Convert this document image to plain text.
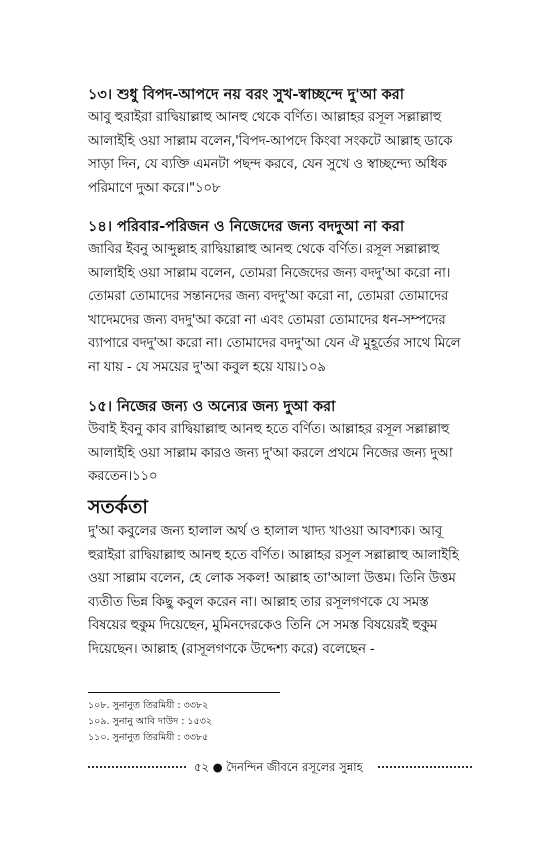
১৩। শুধু বিপদ-আপদে নয় বরং সুখ-স্বাচ্ছন্দে দু'আ করা
আবু হুরাইরা রাদ্বিয়াল্লাহু আনহু থেকে বর্ণিত। আল্লাহর রসূল সল্লাল্লাহু
আলাইহি ওয়া সাল্লাম বলেন,'বিপদ-আপদে কিংবা সংকটে আল্লাহ ডাকে
সাড়া দিন, যে ব্যক্তি এমনটা পছন্দ করবে, যেন সুখে ও স্বাচ্ছন্দ্যে অধিক
পরিমাণে দুআ করে।"১০৮
১৪। পরিবার-পরিজন ও নিজেদের জন্য বদদুআ না করা
জাবির ইবনু আব্দুল্লাহ রাদ্বিয়াল্লাহু আনহু থেকে বর্ণিত। রসূল সল্লাল্লাহু
আলাইহি ওয়া সাল্লাম বলেন, তোমরা নিজেদের জন্য বদদু'আ করো না।
তোমরা তোমাদের সন্তানদের জন্য বদদু'আ করো না, তোমরা তোমাদের
খাদেমদের জন্য বদদু'আ করো না এবং তোমরা তোমাদের ধন-সম্পদের
ব্যাপারে বদদু'আ করো না। তোমাদের বদদু'আ যেন ঐ মুহূর্তের সাথে মিলে
না যায় - যে সময়ের দু'আ কবুল হয়ে যায়।১০৯
১৫। নিজের জন্য ও অন্যের জন্য দুআ করা
উবাই ইবনু কাব রাদ্বিয়াল্লাহু আনহু হতে বর্ণিত। আল্লাহর রসূল সল্লাল্লাহু
আলাইহি ওয়া সাল্লাম কারও জন্য দু'আ করলে প্রথমে নিজের জন্য দুআ
করতেন।১১০
সতর্কতা
দু'আ কবুলের জন্য হালাল অর্থ ও হালাল খাদ্য খাওয়া আবশ্যক। আবূ
হুরাইরা রাদ্বিয়াল্লাহু আনহু হতে বর্ণিত। আল্লাহর রসূল সল্লাল্লাহু আলাইহি
ওয়া সাল্লাম বলেন, হে লোক সকল! আল্লাহ তা'আলা উত্তম। তিনি উত্তম
ব্যতীত ভিন্ন কিছু কবুল করেন না। আল্লাহ তার রসূলগণকে যে সমস্ত
বিষয়ের হুকুম দিয়েছেন, মুমিনদেরকেও তিনি সে সমস্ত বিষয়েরই হুকুম
দিয়েছেন। আল্লাহ (রাসূলগণকে উদ্দেশ্য করে) বলেছেন -
১০৮. সুনানুত তিরমিযী : ৩৩৮২
১০৯. সুনানু আবি দাউদ : ১৫৩২
১১০. সুনানুত তিরমিযী : ৩৩৮৫
৫২ ● দৈনন্দিন জীবনে রসূলের সুন্নাহ
